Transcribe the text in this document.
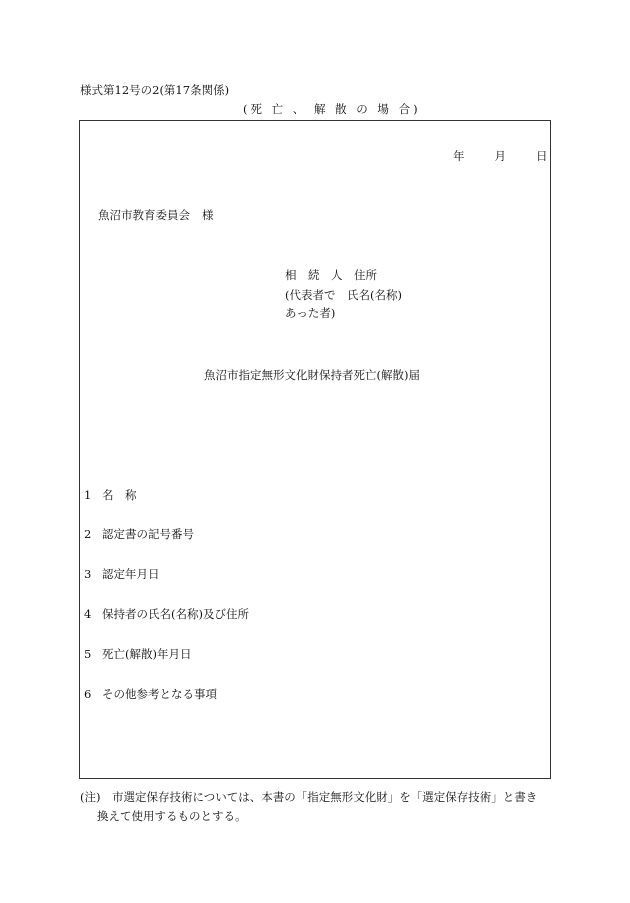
様式第12号の2(第17条関係)
(死 亡 、 解 散 の 場 合)
年	月	日
魚沼市教育委員会 様
相　続　人　住所
(代表者で　氏名(名称)
あった者)
魚沼市指定無形文化財保持者死亡(解散)届
1 名　称
2 認定書の記号番号
3 認定年月日
4 保持者の氏名(名称)及び住所
5 死亡(解散)年月日
6 その他参考となる事項
(注)　市選定保存技術については、本書の「指定無形文化財」を「選定保存技術」と書き
換えて使用するものとする。
